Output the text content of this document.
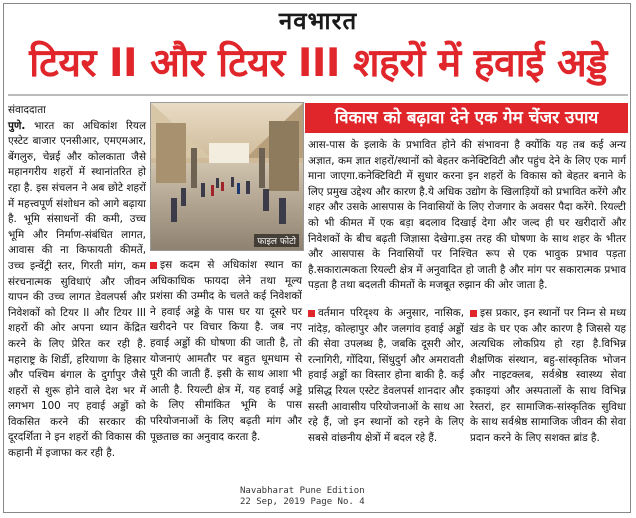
नवभारत
टियर II और टियर III शहरों में हवाई अड्डे
संवाददाता
पुणे. भारत का अधिकांश रियल एस्टेट बाजार एनसीआर, एमएमआर, बेंगलुरु, चेन्नई और कोलकाता जैसे महानगरीय शहरों में स्थानांतरित हो रहा है. इस संचलन ने अब छोटे शहरों में महत्त्वपूर्ण संशोधन को आगे बढ़ाया है. भूमि संसाधनों की कमी, उच्च भूमि और निर्माण-संबंधित लागत, आवास की ना किफायती कीमतें, उच्च इन्वेंट्री स्तर, गिरती मांग, कम संरचनात्मक सुविधाएं और जीवन यापन की उच्च लागत डेवलपर्स और निवेशकों को टियर II और टियर III शहरों की ओर अपना ध्यान केंद्रित करने के लिए प्रेरित कर रही है. महाराष्ट्र के शिर्डी, हरियाणा के हिसार और पश्चिम बंगाल के दुर्गापुर जैसे शहरों से शुरू होने वाले देश भर में लगभग 100 नए हवाई अड्डों को विकसित करने की सरकार की दूरदर्शिता ने इन शहरों की विकास की कहानी में इजाफा कर रही है.
फाइल फोटो
इस कदम से अधिकांश स्थान का अधिकाधिक फायदा लेने तथा मूल्य प्रशंसा की उम्मीद के चलते कई निवेशकों ने हवाई अड्डे के पास घर या दूसरे घर खरीदने पर विचार किया है. जब नए हवाई अड्डों की घोषणा की जाती है, तो योजनाएं आमतौर पर बहुत धूमधाम से पूरी की जाती हैं. इसी के साथ आशा भी आती है. रियल्टी क्षेत्र में, यह हवाई अड्डे के लिए सीमांकित भूमि के पास परियोजनाओं के लिए बढ़ती मांग और पूछताछ का अनुवाद करता है.
विकास को बढ़ावा देने एक गेम चेंजर उपाय
आस-पास के इलाके के प्रभावित होने की संभावना है क्योंकि यह तब कई अन्य अज्ञात, कम ज्ञात शहरों/स्थानों को बेहतर कनेक्टिविटी और पहुंच देने के लिए एक मार्ग माना जाएगा.कनेक्टिविटी में सुधार करना इन शहरों के विकास को बेहतर बनाने के लिए प्रमुख उद्देश्य और कारण है.ये अधिक उद्योग के खिलाड़ियों को प्रभावित करेंगे और शहर और उसके आसपास के निवासियों के लिए रोजगार के अवसर पैदा करेंगे. रियल्टी को भी कीमत में एक बड़ा बदलाव दिखाई देगा और जल्द ही घर खरीदारों और निवेशकों के बीच बढ़ती जिज्ञासा देखेगा.इस तरह की घोषणा के साथ शहर के भीतर और आसपास के निवासियों पर निश्चित रूप से एक भावुक प्रभाव पड़ता है.सकारात्मकता रियल्टी क्षेत्र में अनुवादित हो जाती है और मांग पर सकारात्मक प्रभाव पड़ता है तथा बदलती कीमतों के मजबूत रुझान की ओर जाता है.
वर्तमान परिदृश्य के अनुसार, नासिक, नांदेड़, कोल्हापुर और जलगांव हवाई अड्डों की सेवा उपलब्ध है, जबकि दूसरी ओर, रत्नागिरी, गोंदिया, सिंधुदुर्ग और अमरावती हवाई अड्डों का विस्तार होना बाकी है. कई प्रसिद्ध रियल एस्टेट डेवलपर्स शानदार और सस्ती आवासीय परियोजनाओं के साथ आ रहे हैं, जो इन स्थानों को रहने के लिए सबसे वांछनीय क्षेत्रों में बदल रहे हैं.
इस प्रकार, इन स्थानों पर निम्न से मध्य खंड के घर एक और कारण है जिससे यह अत्यधिक लोकप्रिय हो रहा है.विभिन्न शैक्षणिक संस्थान, बहु-सांस्कृतिक भोजन और नाइटक्लब, सर्वश्रेष्ठ स्वास्थ्य सेवा इकाइयां और अस्पतालों के साथ विभिन्न रेस्तरां, हर सामाजिक-सांस्कृतिक सुविधा के साथ सर्वश्रेष्ठ सामाजिक जीवन की सेवा प्रदान करने के लिए सशक्त ब्रांड है.
Navabharat Pune Edition
22 Sep, 2019 Page No. 4
